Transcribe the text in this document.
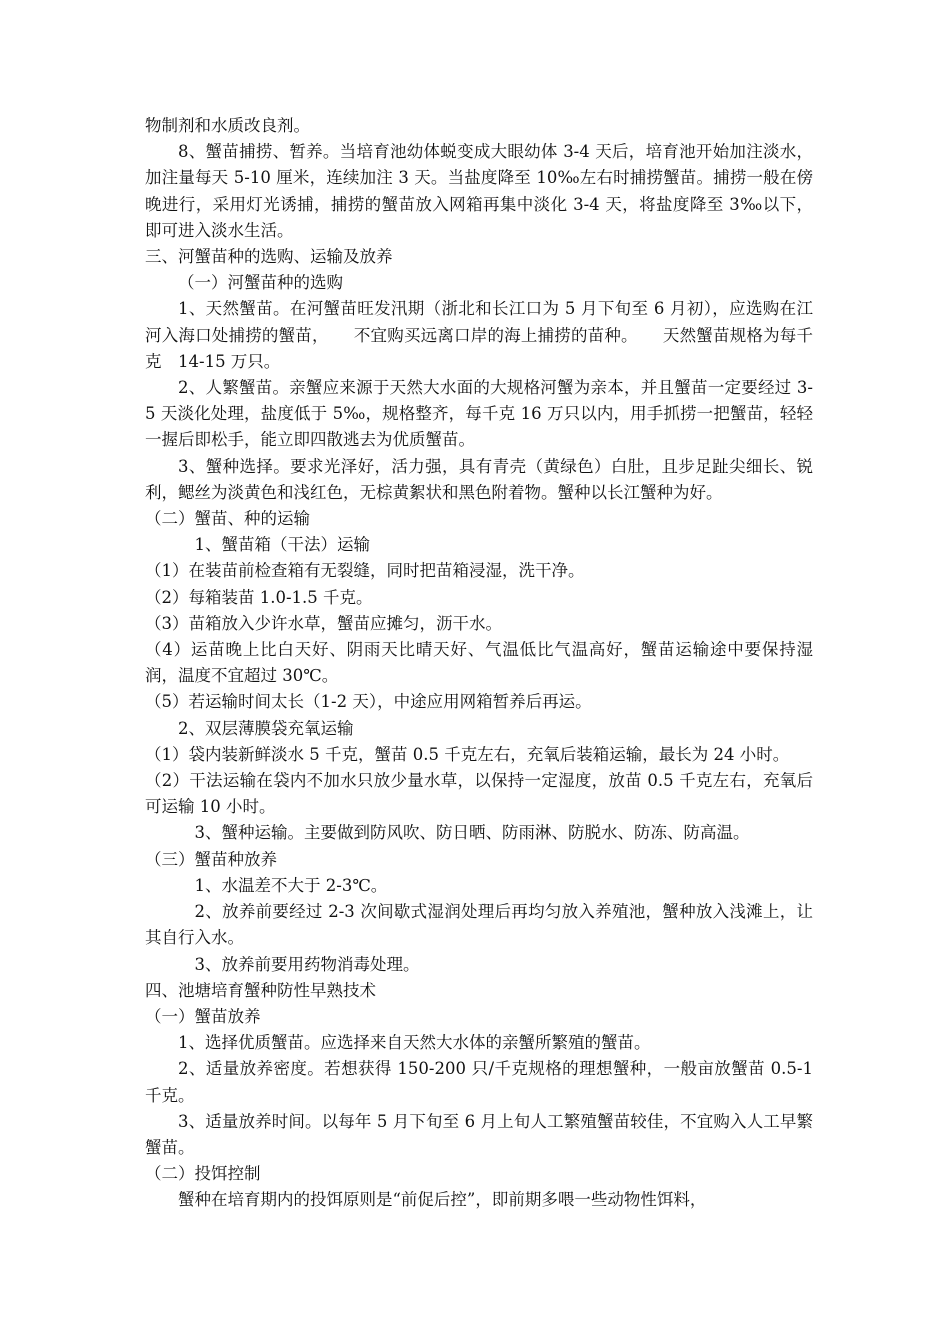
物制剂和水质改良剂。

8、蟹苗捕捞、暂养。当培育池幼体蜕变成大眼幼体 3-4 天后，培育池开始加注淡水，加注量每天 5-10 厘米，连续加注 3 天。当盐度降至 10‰左右时捕捞蟹苗。捕捞一般在傍晚进行，采用灯光诱捕，捕捞的蟹苗放入网箱再集中淡化 3-4 天，将盐度降至 3‰以下，即可进入淡水生活。

三、河蟹苗种的选购、运输及放养

（一）河蟹苗种的选购

1、天然蟹苗。在河蟹苗旺发汛期（浙北和长江口为 5 月下旬至 6 月初），应选购在江河入海口处捕捞的蟹苗，　　不宜购买远离口岸的海上捕捞的苗种。　　天然蟹苗规格为每千克　14-15 万只。

2、人繁蟹苗。亲蟹应来源于天然大水面的大规格河蟹为亲本，并且蟹苗一定要经过 3-5 天淡化处理，盐度低于 5‰，规格整齐，每千克 16 万只以内，用手抓捞一把蟹苗，轻轻一握后即松手，能立即四散逃去为优质蟹苗。

3、蟹种选择。要求光泽好，活力强，具有青壳（黄绿色）白肚，且步足趾尖细长、锐利，鳃丝为淡黄色和浅红色，无棕黄絮状和黑色附着物。蟹种以长江蟹种为好。

（二）蟹苗、种的运输

1、蟹苗箱（干法）运输

（1）在装苗前检查箱有无裂缝，同时把苗箱浸湿，洗干净。

（2）每箱装苗 1.0-1.5 千克。

（3）苗箱放入少许水草，蟹苗应摊匀，沥干水。

（4）运苗晚上比白天好、阴雨天比晴天好、气温低比气温高好，蟹苗运输途中要保持湿润，温度不宜超过 30℃。

（5）若运输时间太长（1-2 天），中途应用网箱暂养后再运。

2、双层薄膜袋充氧运输

（1）袋内装新鲜淡水 5 千克，蟹苗 0.5 千克左右，充氧后装箱运输，最长为 24 小时。

（2）干法运输在袋内不加水只放少量水草，以保持一定湿度，放苗 0.5 千克左右，充氧后可运输 10 小时。

3、蟹种运输。主要做到防风吹、防日晒、防雨淋、防脱水、防冻、防高温。

（三）蟹苗种放养

1、水温差不大于 2-3℃。

2、放养前要经过 2-3 次间歇式湿润处理后再均匀放入养殖池，蟹种放入浅滩上，让其自行入水。

3、放养前要用药物消毒处理。

四、池塘培育蟹种防性早熟技术

（一）蟹苗放养

1、选择优质蟹苗。应选择来自天然大水体的亲蟹所繁殖的蟹苗。

2、适量放养密度。若想获得 150-200 只/千克规格的理想蟹种，一般亩放蟹苗 0.5-1 千克。

3、适量放养时间。以每年 5 月下旬至 6 月上旬人工繁殖蟹苗较佳，不宜购入人工早繁蟹苗。

（二）投饵控制

蟹种在培育期内的投饵原则是“前促后控”，即前期多喂一些动物性饵料，
